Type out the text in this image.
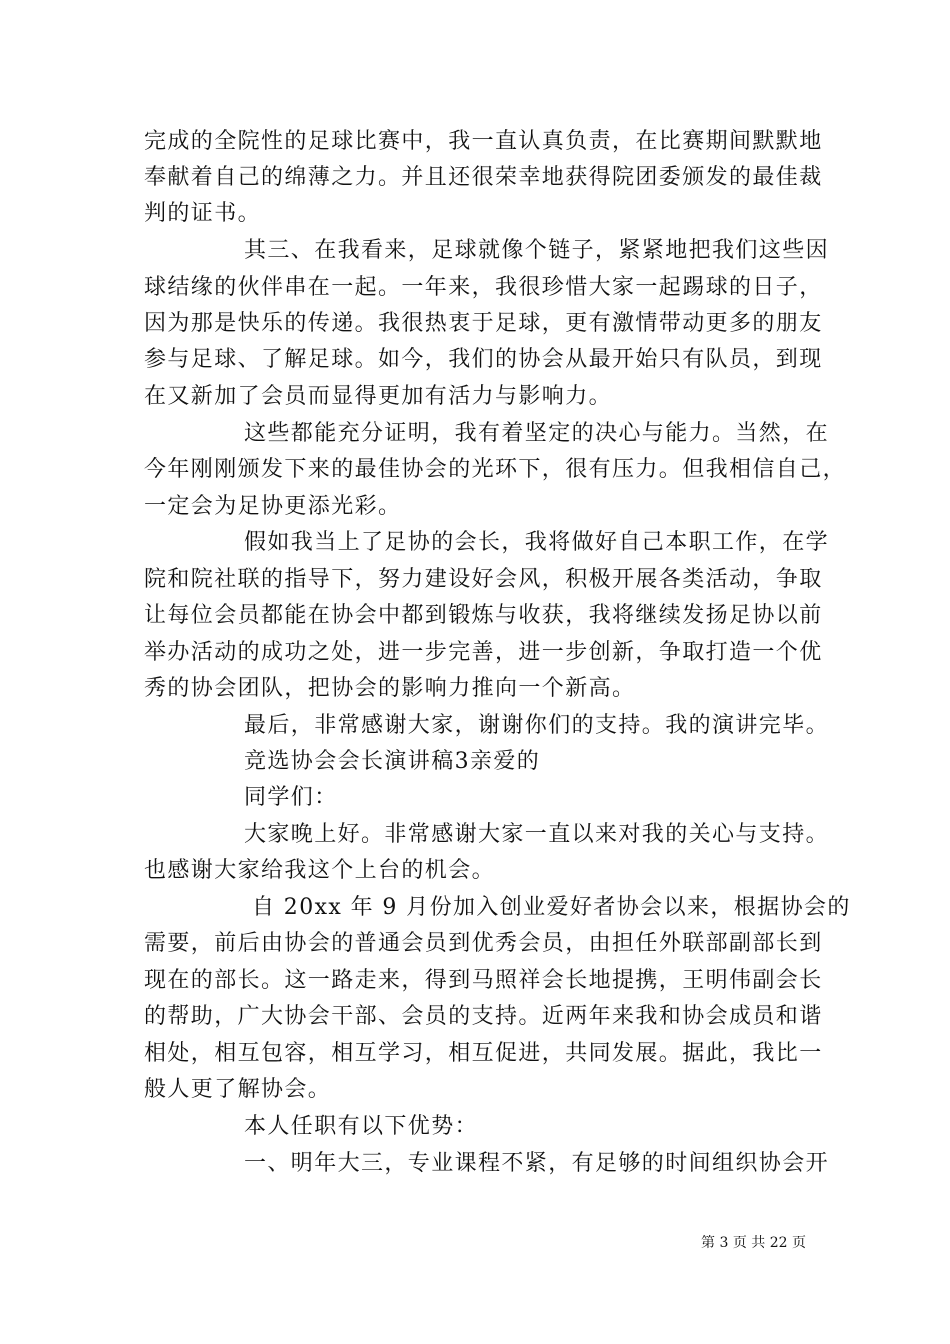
完成的全院性的足球比赛中，我一直认真负责，在比赛期间默默地
奉献着自己的绵薄之力。并且还很荣幸地获得院团委颁发的最佳裁
判的证书。
其三、在我看来，足球就像个链子，紧紧地把我们这些因
球结缘的伙伴串在一起。一年来，我很珍惜大家一起踢球的日子，
因为那是快乐的传递。我很热衷于足球，更有激情带动更多的朋友
参与足球、了解足球。如今，我们的协会从最开始只有队员，到现
在又新加了会员而显得更加有活力与影响力。
这些都能充分证明，我有着坚定的决心与能力。当然，在
今年刚刚颁发下来的最佳协会的光环下，很有压力。但我相信自己，
一定会为足协更添光彩。
假如我当上了足协的会长，我将做好自己本职工作，在学
院和院社联的指导下，努力建设好会风，积极开展各类活动，争取
让每位会员都能在协会中都到锻炼与收获，我将继续发扬足协以前
举办活动的成功之处，进一步完善，进一步创新，争取打造一个优
秀的协会团队，把协会的影响力推向一个新高。
最后，非常感谢大家，谢谢你们的支持。我的演讲完毕。
竞选协会会长演讲稿3亲爱的
同学们：
大家晚上好。非常感谢大家一直以来对我的关心与支持。
也感谢大家给我这个上台的机会。
自 20xx 年 9 月份加入创业爱好者协会以来，根据协会的
需要，前后由协会的普通会员到优秀会员，由担任外联部副部长到
现在的部长。这一路走来，得到马照祥会长地提携，王明伟副会长
的帮助，广大协会干部、会员的支持。近两年来我和协会成员和谐
相处，相互包容，相互学习，相互促进，共同发展。据此，我比一
般人更了解协会。
本人任职有以下优势：
一、明年大三，专业课程不紧，有足够的时间组织协会开
第 3 页 共 22 页
